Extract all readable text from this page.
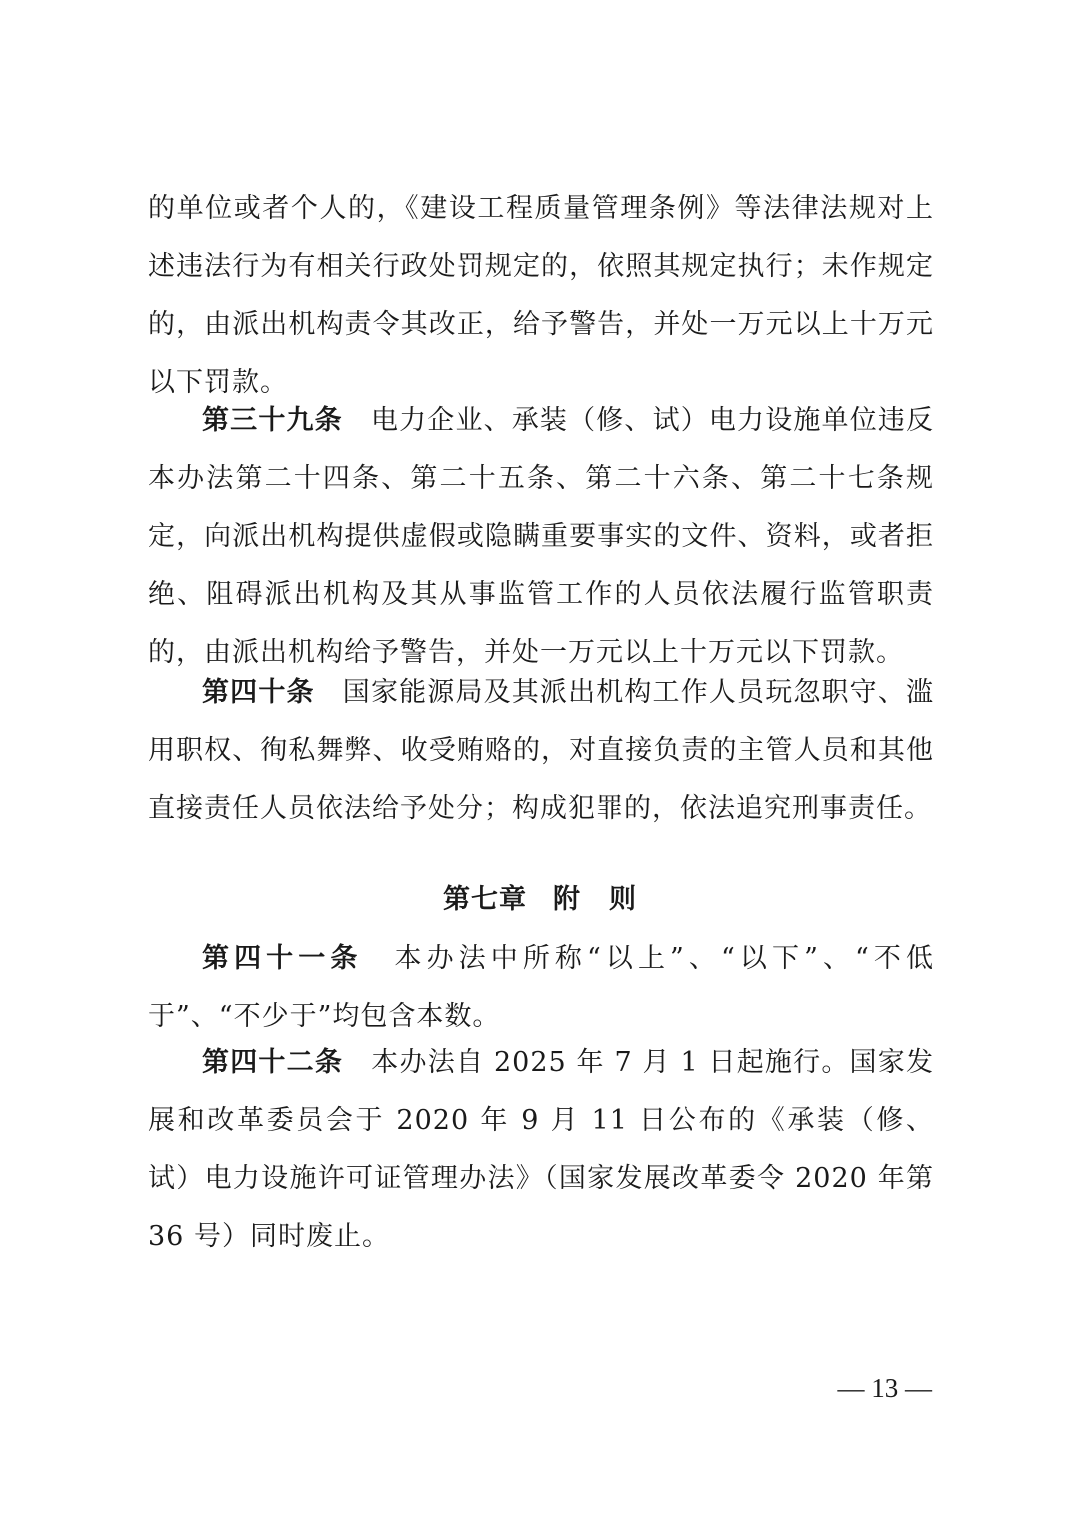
的单位或者个人的，《建设工程质量管理条例》等法律法规对上述违法行为有相关行政处罚规定的，依照其规定执行；未作规定的，由派出机构责令其改正，给予警告，并处一万元以上十万元以下罚款。

第三十九条 电力企业、承装（修、试）电力设施单位违反本办法第二十四条、第二十五条、第二十六条、第二十七条规定，向派出机构提供虚假或隐瞒重要事实的文件、资料，或者拒绝、阻碍派出机构及其从事监管工作的人员依法履行监管职责的，由派出机构给予警告，并处一万元以上十万元以下罚款。

第四十条 国家能源局及其派出机构工作人员玩忽职守、滥用职权、徇私舞弊、收受贿赂的，对直接负责的主管人员和其他直接责任人员依法给予处分；构成犯罪的，依法追究刑事责任。

第七章 附　则

第四十一条 本办法中所称“以上”、“以下”、“不低于”、“不少于”均包含本数。

第四十二条 本办法自 2025 年 7 月 1 日起施行。国家发展和改革委员会于 2020 年 9 月 11 日公布的《承装（修、试）电力设施许可证管理办法》（国家发展改革委令 2020 年第 36 号）同时废止。

— 13 —
